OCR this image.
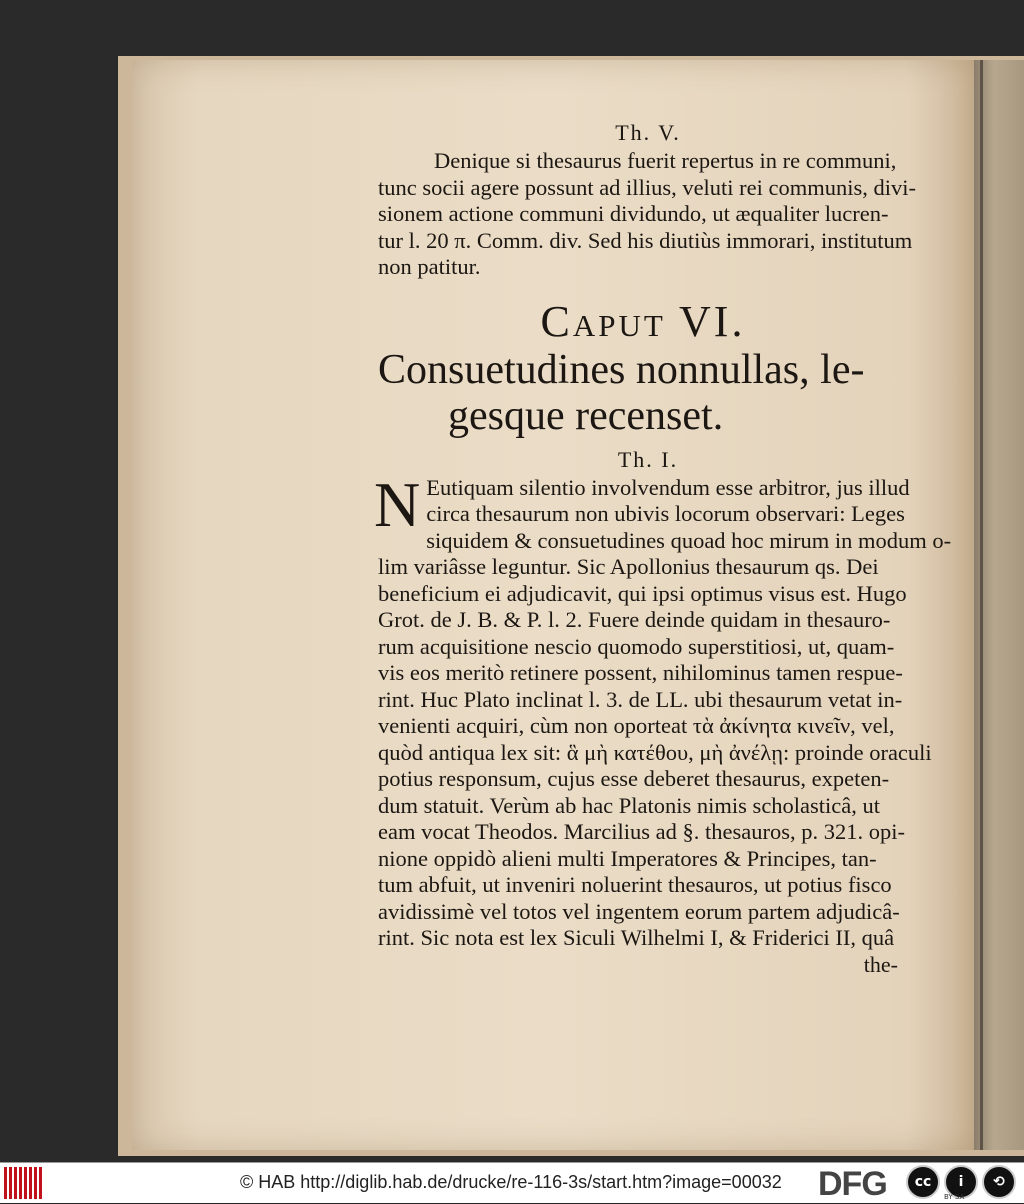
Th. V.

Denique si thesaurus fuerit repertus in re communi,
tunc socii agere possunt ad illius, veluti rei communis, divi-
sionem actione communi dividundo, ut æqualiter lucren-
tur l. 20 π. Comm. div. Sed his diutiùs immorari, institutum
non patitur.

Caput VI.

Consuetudines nonnullas, le-
gesque recenset.

Th. I.

N Eutiquam silentio involvendum esse arbitror, jus illud
circa thesaurum non ubivis locorum observari: Leges
siquidem & consuetudines quoad hoc mirum in modum o-
lim variâsse leguntur. Sic Apollonius thesaurum qs. Dei
beneficium ei adjudicavit, qui ipsi optimus visus est. Hugo
Grot. de J. B. & P. l. 2. Fuere deinde quidam in thesauro-
rum acquisitione nescio quomodo superstitiosi, ut, quam-
vis eos meritò retinere possent, nihilominus tamen respue-
rint. Huc Plato inclinat l. 3. de LL. ubi thesaurum vetat in-
venienti acquiri, cùm non oporteat τὰ ἀκίνητα κινεῖν, vel,
quòd antiqua lex sit: ἃ μὴ κατέθου, μὴ ἀνέλῃ: proinde oraculi
potius responsum, cujus esse deberet thesaurus, expeten-
dum statuit. Verùm ab hac Platonis nimis scholasticâ, ut
eam vocat Theodos. Marcilius ad §. thesauros, p. 321. opi-
nione oppidò alieni multi Imperatores & Principes, tan-
tum abfuit, ut inveniri noluerint thesauros, ut potius fisco
avidissimè vel totos vel ingentem eorum partem adjudicâ-
rint. Sic nota est lex Siculi Wilhelmi I, & Friderici II, quâ
the-
© HAB http://diglib.hab.de/drucke/re-116-3s/start.htm?image=00032 DFG	cc	i	⟲
BY SA
